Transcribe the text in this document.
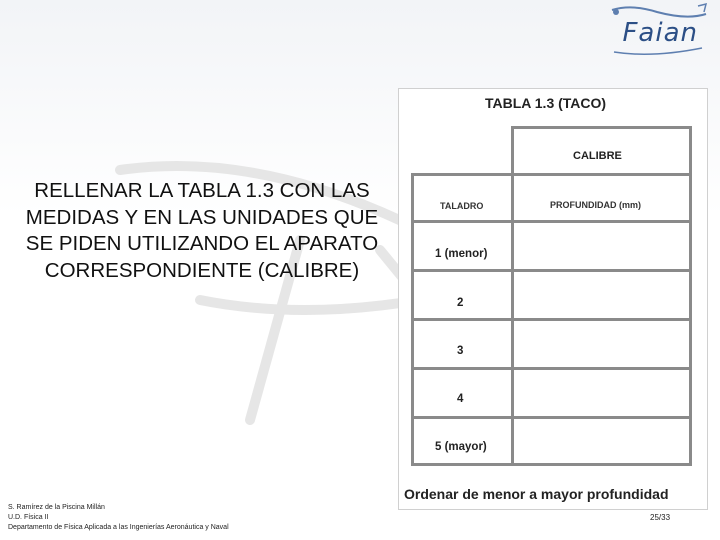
Faian
RELLENAR LA TABLA 1.3 CON LAS MEDIDAS Y EN LAS UNIDADES QUE SE PIDEN UTILIZANDO EL APARATO CORRESPONDIENTE (CALIBRE)
TABLA 1.3 (TACO)
CALIBRE
TALADRO	PROFUNDIDAD (mm)
1 (menor)
2
3
4
5 (mayor)
Ordenar de menor a mayor profundidad
S. Ramírez de la Piscina Millán
U.D. Física II
Departamento de Física Aplicada a las Ingenierías Aeronáutica y Naval
25/33
